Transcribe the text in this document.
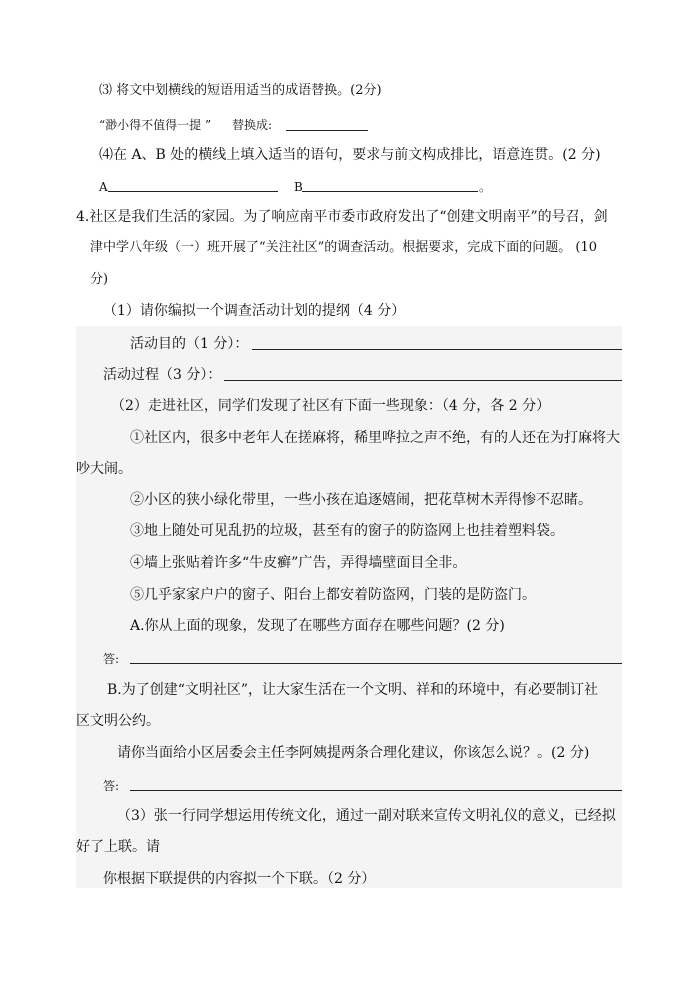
⑶ 将文中划横线的短语用适当的成语替换。(2分)
“渺小得不值得一提 ” 替换成:
⑷在 A、B 处的横线上填入适当的语句，要求与前文构成排比，语意连贯。(2 分)
A	B	。
4.社区是我们生活的家园。为了响应南平市委市政府发出了“创建文明南平”的号召，剑
津中学八年级（一）班开展了“关注社区”的调查活动。根据要求，完成下面的问题。 (10
分)
（1）请你编拟一个调查活动计划的提纲（4 分）
活动目的（1 分）：
活动过程（3 分）：
（2）走进社区，同学们发现了社区有下面一些现象：（4 分，各 2 分）
①社区内，很多中老年人在搓麻将，稀里哗拉之声不绝，有的人还在为打麻将大
吵大闹。
②小区的狭小绿化带里，一些小孩在追逐嬉闹，把花草树木弄得惨不忍睹。
③地上随处可见乱扔的垃圾，甚至有的窗子的防盗网上也挂着塑料袋。
④墙上张贴着许多“牛皮癣”广告，弄得墙壁面目全非。
⑤几乎家家户户的窗子、阳台上都安着防盗网，门装的是防盗门。
A.你从上面的现象，发现了在哪些方面存在哪些问题？(2 分)
答:
B.为了创建“文明社区”，让大家生活在一个文明、祥和的环境中，有必要制订社
区文明公约。
请你当面给小区居委会主任李阿姨提两条合理化建议，你该怎么说？。(2 分)
答:
（3）张一行同学想运用传统文化，通过一副对联来宣传文明礼仪的意义，已经拟
好了上联。请
你根据下联提供的内容拟一个下联。（2 分）
